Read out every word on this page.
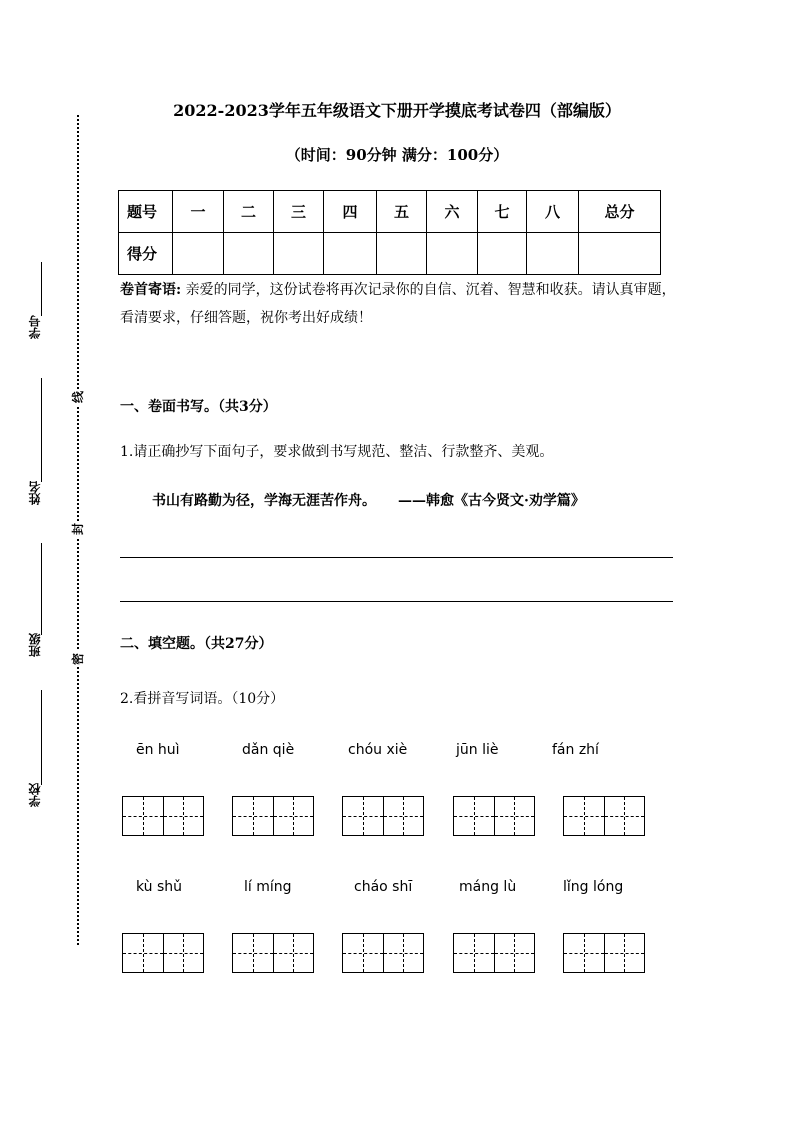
线
封
密
学号
姓名
班级
学校
2022-2023学年五年级语文下册开学摸底考试卷四（部编版）
（时间：90分钟 满分：100分）
题号	一	二	三	四	五	六	七	八	总分
得分									
卷首寄语: 亲爱的同学，这份试卷将再次记录你的自信、沉着、智慧和收获。请认真审题，看清要求，仔细答题，祝你考出好成绩！
一、卷面书写。（共3分）
1.请正确抄写下面句子，要求做到书写规范、整洁、行款整齐、美观。
书山有路勤为径，学海无涯苦作舟。 ——韩愈《古今贤文·劝学篇》
二、填空题。（共27分）
2.看拼音写词语。（10分）
ēn huì	dǎn qiè	chóu xiè	jūn liè	fán zhí
kù shǔ	lí míng	cháo shī	máng lù	lǐng lóng
